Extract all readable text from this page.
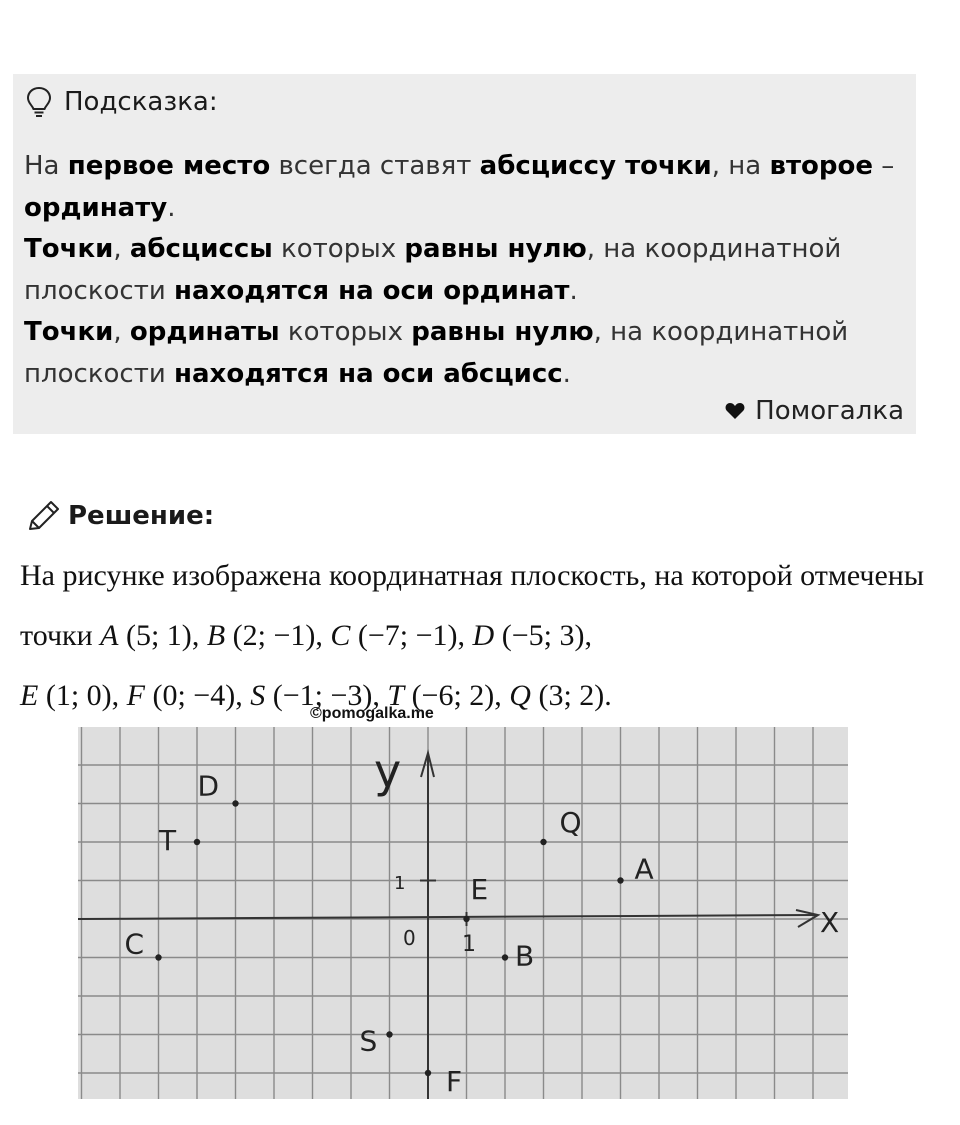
Подсказка:

На первое место всегда ставят абсциссу точки, на второе – ординату.

Точки, абсциссы которых равны нулю, на координатной плоскости находятся на оси ординат.

Точки, ординаты которых равны нулю, на координатной плоскости находятся на оси абсцисс.

Помогалка
Решение:

На рисунке изображена координатная плоскость, на которой отмечены точки A (5; 1), B (2; −1), C (−7; −1), D (−5; 3),
E (1; 0), F (0; −4), S (−1; −3), T (−6; 2), Q (3; 2).

©pomogalka.me
X
y
0
1
1
A
B
C
D
E
F
S
T
Q
